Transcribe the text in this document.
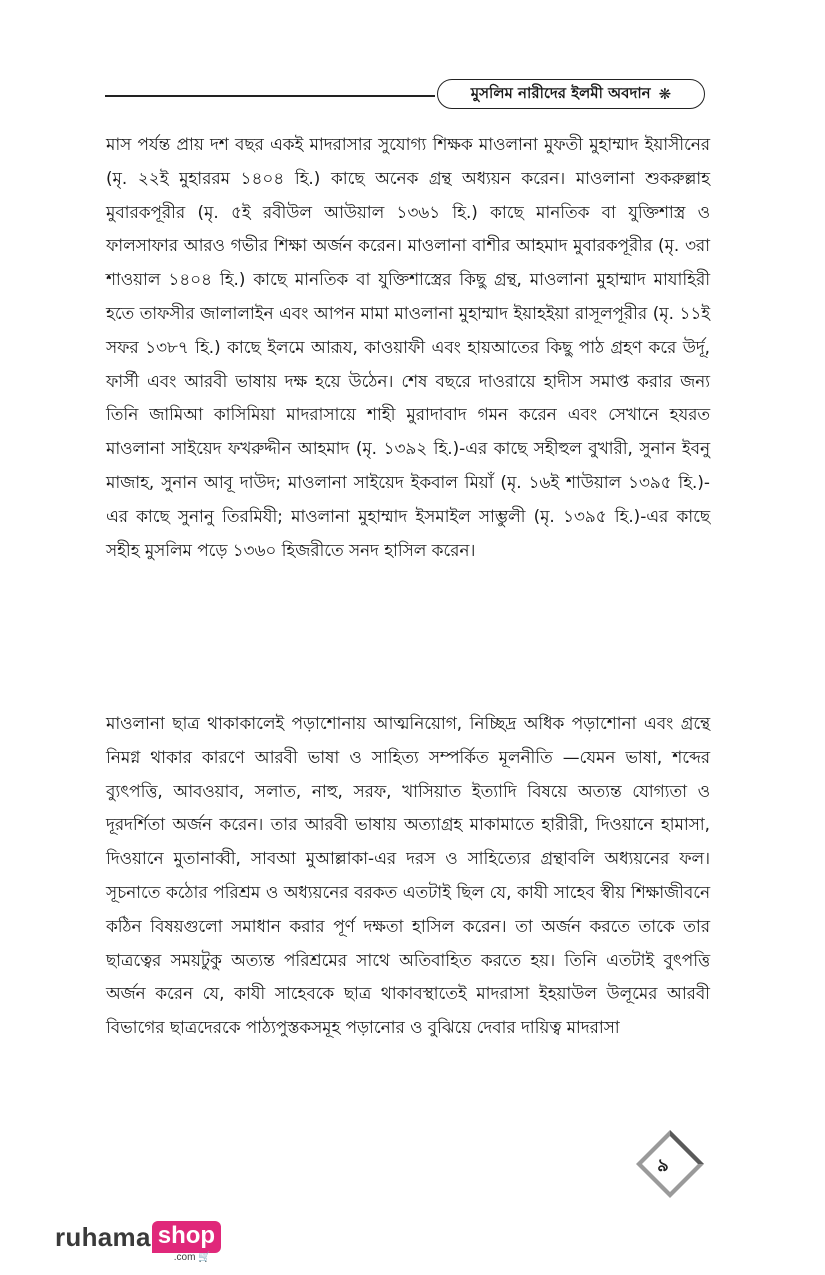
মুসলিম নারীদের ইলমী অবদান ❋

মাস পর্যন্ত প্রায় দশ বছর একই মাদরাসার সুযোগ্য শিক্ষক মাওলানা মুফতী মুহাম্মাদ ইয়াসীনের (মৃ. ২২ই মুহাররম ১৪০৪ হি.) কাছে অনেক গ্রন্থ অধ্যয়ন করেন। মাওলানা শুকরুল্লাহ মুবারকপূরীর (মৃ. ৫ই রবীউল আউয়াল ১৩৬১ হি.) কাছে মানতিক বা যুক্তিশাস্ত্র ও ফালসাফার আরও গভীর শিক্ষা অর্জন করেন। মাওলানা বাশীর আহমাদ মুবারকপূরীর (মৃ. ৩রা শাওয়াল ১৪০৪ হি.) কাছে মানতিক বা যুক্তিশাস্ত্রের কিছু গ্রন্থ, মাওলানা মুহাম্মাদ মাযাহিরী হতে তাফসীর জালালাইন এবং আপন মামা মাওলানা মুহাম্মাদ ইয়াহইয়া রাসূলপূরীর (মৃ. ১১ই সফর ১৩৮৭ হি.) কাছে ইলমে আরূয, কাওয়াফী এবং হায়আতের কিছু পাঠ গ্রহণ করে উর্দূ, ফার্সী এবং আরবী ভাষায় দক্ষ হয়ে উঠেন। শেষ বছরে দাওরায়ে হাদীস সমাপ্ত করার জন্য তিনি জামিআ কাসিমিয়া মাদরাসায়ে শাহী মুরাদাবাদ গমন করেন এবং সেখানে হযরত মাওলানা সাইয়েদ ফখরুদ্দীন আহমাদ (মৃ. ১৩৯২ হি.)-এর কাছে সহীহুল বুখারী, সুনান ইবনু মাজাহ, সুনান আবূ দাউদ; মাওলানা সাইয়েদ ইকবাল মিয়াঁ (মৃ. ১৬ই শাউয়াল ১৩৯৫ হি.)-এর কাছে সুনানু তিরমিযী; মাওলানা মুহাম্মাদ ইসমাইল সাম্ভুলী (মৃ. ১৩৯৫ হি.)-এর কাছে সহীহ মুসলিম পড়ে ১৩৬০ হিজরীতে সনদ হাসিল করেন।

মাওলানা ছাত্র থাকাকালেই পড়াশোনায় আত্মনিয়োগ, নিচ্ছিদ্র অধিক পড়াশোনা এবং গ্রন্থে নিমগ্ন থাকার কারণে আরবী ভাষা ও সাহিত্য সম্পর্কিত মূলনীতি —যেমন ভাষা, শব্দের ব্যুৎপত্তি, আবওয়াব, সলাত, নাহু, সরফ, খাসিয়াত ইত্যাদি বিষয়ে অত্যন্ত যোগ্যতা ও দূরদর্শিতা অর্জন করেন। তার আরবী ভাষায় অত্যাগ্রহ মাকামাতে হারীরী, দিওয়ানে হামাসা, দিওয়ানে মুতানাব্বী, সাবআ মুআল্লাকা-এর দরস ও সাহিত্যের গ্রন্থাবলি অধ্যয়নের ফল। সূচনাতে কঠোর পরিশ্রম ও অধ্যয়নের বরকত এতটাই ছিল যে, কাযী সাহেব স্বীয় শিক্ষাজীবনে কঠিন বিষয়গুলো সমাধান করার পূর্ণ দক্ষতা হাসিল করেন। তা অর্জন করতে তাকে তার ছাত্রত্বের সময়টুকু অত্যন্ত পরিশ্রমের সাথে অতিবাহিত করতে হয়। তিনি এতটাই বুৎপত্তি অর্জন করেন যে, কাযী সাহেবকে ছাত্র থাকাবস্থাতেই মাদরাসা ইহয়াউল উলূমের আরবী বিভাগের ছাত্রদেরকে পাঠ্যপুস্তকসমূহ পড়ানোর ও বুঝিয়ে দেবার দায়িত্ব মাদরাসা

৯
ruhama shop
.com 🛒
